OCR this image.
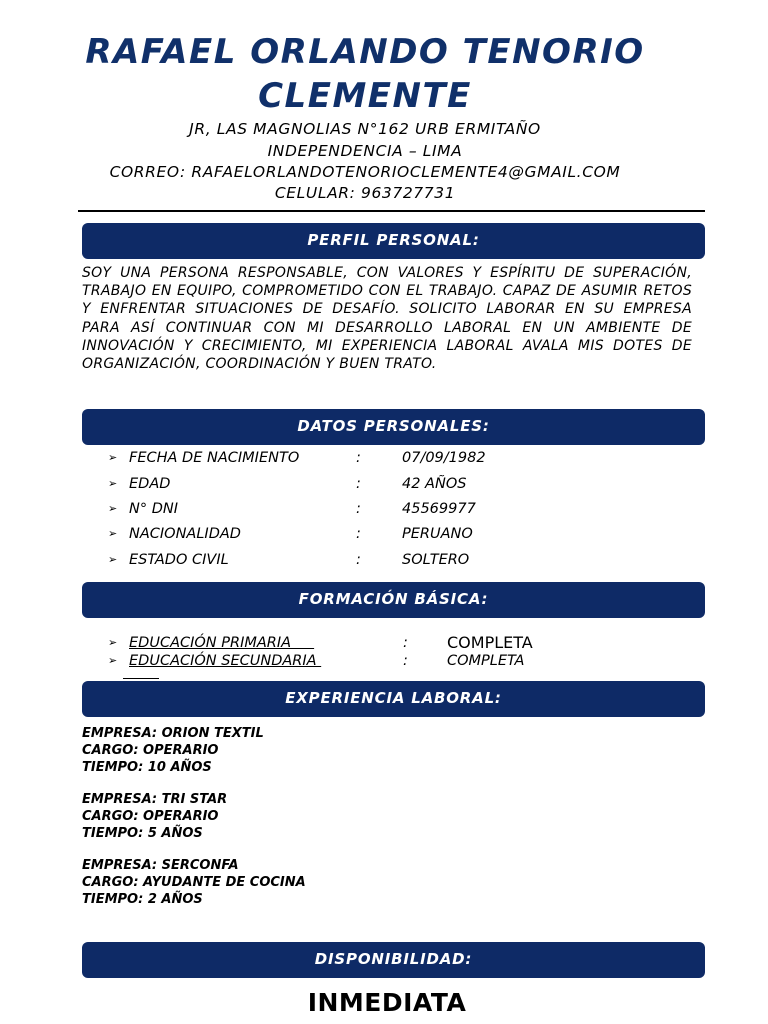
RAFAEL ORLANDO TENORIO
CLEMENTE
JR, LAS MAGNOLIAS N°162 URB ERMITAÑO
INDEPENDENCIA – LIMA
CORREO: RAFAELORLANDOTENORIOCLEMENTE4@GMAIL.COM
CELULAR: 963727731
PERFIL PERSONAL:
SOY UNA PERSONA RESPONSABLE, CON VALORES Y ESPÍRITU DE SUPERACIÓN, TRABAJO EN EQUIPO, COMPROMETIDO CON EL TRABAJO. CAPAZ DE ASUMIR RETOS Y ENFRENTAR SITUACIONES DE DESAFÍO. SOLICITO LABORAR EN SU EMPRESA PARA ASÍ CONTINUAR CON MI DESARROLLO LABORAL EN UN AMBIENTE DE INNOVACIÓN Y CRECIMIENTO, MI EXPERIENCIA LABORAL AVALA MIS DOTES DE ORGANIZACIÓN, COORDINACIÓN Y BUEN TRATO.
DATOS PERSONALES:
➢ FECHA DE NACIMIENTO	:	07/09/1982
➢ EDAD	:	42 AÑOS
➢ N° DNI	:	45569977
➢ NACIONALIDAD	:	PERUANO
➢ ESTADO CIVIL	:	SOLTERO
FORMACIÓN BÁSICA:
➢ EDUCACIÓN PRIMARIA	: COMPLETA
➢ EDUCACIÓN SECUNDARIA	:	COMPLETA
EXPERIENCIA LABORAL:
EMPRESA: ORION TEXTIL
CARGO: OPERARIO
TIEMPO: 10 AÑOS
EMPRESA: TRI STAR
CARGO: OPERARIO
TIEMPO: 5 AÑOS
EMPRESA: SERCONFA
CARGO: AYUDANTE DE COCINA
TIEMPO: 2 AÑOS
DISPONIBILIDAD:
INMEDIATA
